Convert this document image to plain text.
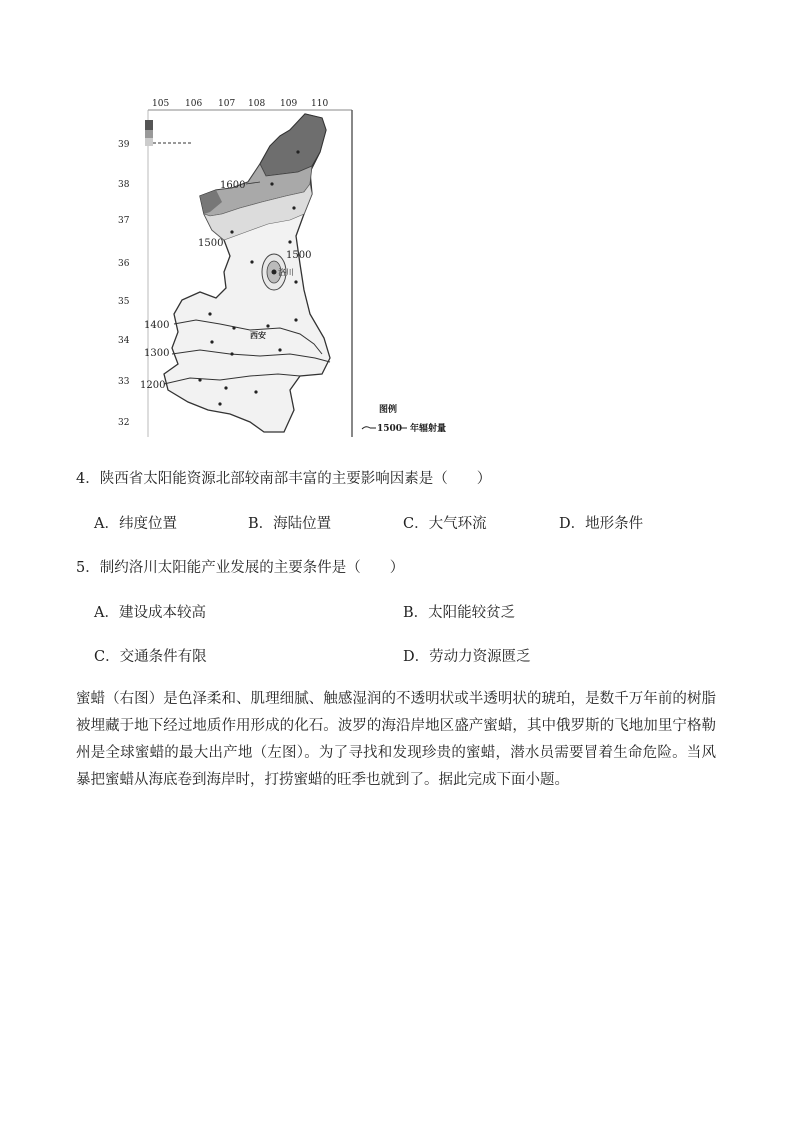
105 106 107 108 109 110
39
38
37
36
35
34
33
32
洛川
西安
1600
1500
1500
1400
1300
1200
图例
1500 年辐射量
4．陕西省太阳能资源北部较南部丰富的主要影响因素是（　　）
A．纬度位置	B．海陆位置	C．大气环流	D．地形条件
5．制约洛川太阳能产业发展的主要条件是（　　）
A．建设成本较高	B．太阳能较贫乏
C．交通条件有限	D．劳动力资源匮乏
蜜蜡（右图）是色泽柔和、肌理细腻、触感湿润的不透明状或半透明状的琥珀，是数千万年前的树脂被埋藏于地下经过地质作用形成的化石。波罗的海沿岸地区盛产蜜蜡，其中俄罗斯的飞地加里宁格勒州是全球蜜蜡的最大出产地（左图）。为了寻找和发现珍贵的蜜蜡，潜水员需要冒着生命危险。当风暴把蜜蜡从海底卷到海岸时，打捞蜜蜡的旺季也就到了。据此完成下面小题。
